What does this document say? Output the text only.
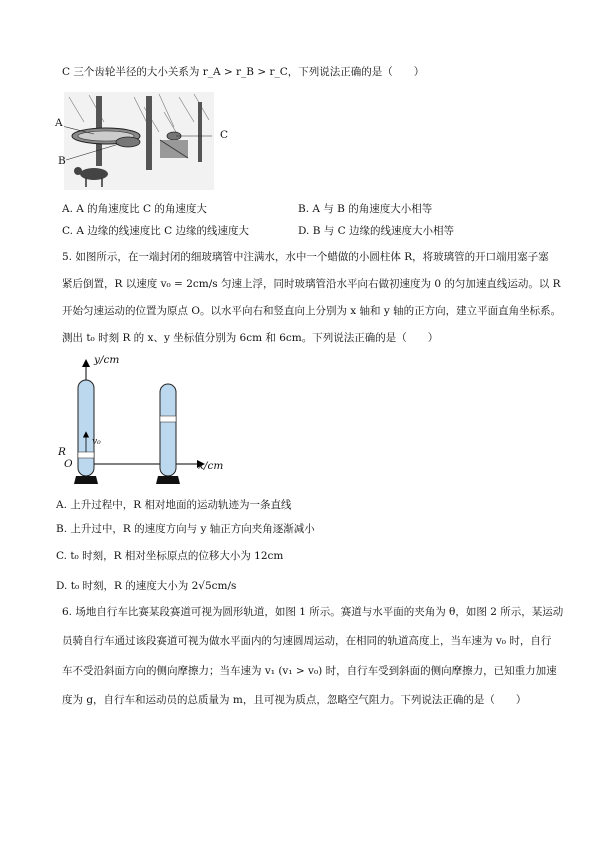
C 三个齿轮半径的大小关系为 r_A > r_B > r_C，下列说法正确的是（　　）
A
B
C
A. A 的角速度比 C 的角速度大	B. A 与 B 的角速度大小相等
C. A 边缘的线速度比 C 边缘的线速度大	D. B 与 C 边缘的线速度大小相等
5. 如图所示，在一端封闭的细玻璃管中注满水，水中一个蜡做的小圆柱体 R，将玻璃管的开口端用塞子塞
紧后倒置，R 以速度 v₀ = 2cm/s 匀速上浮，同时玻璃管沿水平向右做初速度为 0 的匀加速直线运动。以 R
开始匀速运动的位置为原点 O。以水平向右和竖直向上分别为 x 轴和 y 轴的正方向，建立平面直角坐标系。
测出 t₀ 时刻 R 的 x、y 坐标值分别为 6cm 和 6cm。下列说法正确的是（　　）
y/cm
x/cm
R
O
v₀
A. 上升过程中，R 相对地面的运动轨迹为一条直线
B. 上升过中，R 的速度方向与 y 轴正方向夹角逐渐减小
C. t₀ 时刻，R 相对坐标原点的位移大小为 12cm
D. t₀ 时刻，R 的速度大小为 2√5cm/s
6. 场地自行车比赛某段赛道可视为圆形轨道，如图 1 所示。赛道与水平面的夹角为 θ，如图 2 所示，某运动
员骑自行车通过该段赛道可视为做水平面内的匀速圆周运动，在相同的轨道高度上，当车速为 v₀ 时，自行
车不受沿斜面方向的侧向摩擦力；当车速为 v₁ (v₁ > v₀) 时，自行车受到斜面的侧向摩擦力，已知重力加速
度为 g，自行车和运动员的总质量为 m，且可视为质点，忽略空气阻力。下列说法正确的是（　　）
